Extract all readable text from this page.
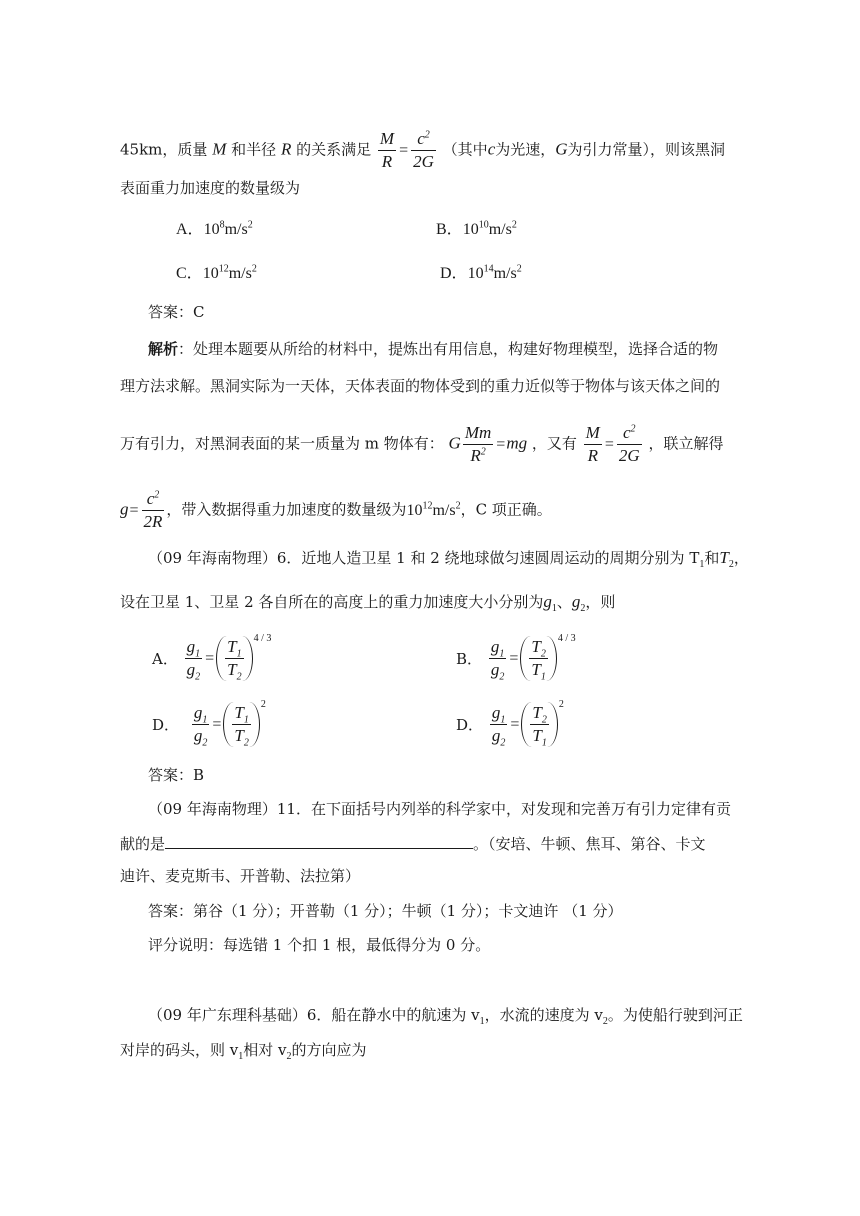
45km，质量 M 和半径 R 的关系满足 $\frac{M}{R} = \frac{c^2}{2G}$ （其中c为光速，G为引力常量），则该黑洞
表面重力加速度的数量级为
A．$10^8m/s^2$	B．$10^{10}m/s^2$
C．$10^{12}m/s^2$	D．$10^{14}m/s^2$
答案：C
解析：处理本题要从所给的材料中，提炼出有用信息，构建好物理模型，选择合适的物
理方法求解。黑洞实际为一天体，天体表面的物体受到的重力近似等于物体与该天体之间的
万有引力，对黑洞表面的某一质量为 m 物体有： G $\frac{Mm}{R^2} =mg$ ，又有 $\frac{M}{R} = \frac{c^2}{2G}$ ，联立解得
$g= \frac{c^2}{2R}$ ，带入数据得重力加速度的数量级为$10^{12}m/s^2$，C 项正确。
（09 年海南物理）6．近地人造卫星 1 和 2 绕地球做匀速圆周运动的周期分别为 $T_1$和$T_2$，
设在卫星 1、卫星 2 各自所在的高度上的重力加速度大小分别为$g_1$、$g_2$，则
A． $\frac{g_1}{g_2} = \frac{T_1}{T_2} ^{4 / 3}$
B． $\frac{g_1}{g_2} = \frac{T_2}{T_1} ^{4 / 3}$
D． $\frac{g_1}{g_2} = \frac{T_1}{T_2} ^2$
D． $\frac{g_1}{g_2} = \frac{T_2}{T_1} ^2$
答案：B
（09 年海南物理）11．在下面括号内列举的科学家中，对发现和完善万有引力定律有贡
献的是	。（安培、牛顿、焦耳、第谷、卡文
迪许、麦克斯韦、开普勒、法拉第）
答案：第谷（1 分）；开普勒（1 分）；牛顿（1 分）；卡文迪许 （1 分）
评分说明：每选错 1 个扣 1 根，最低得分为 0 分。
（09 年广东理科基础）6．船在静水中的航速为 $v_1$，水流的速度为 $v_2$。为使船行驶到河正
对岸的码头，则 $v_1$相对 $v_2$的方向应为
